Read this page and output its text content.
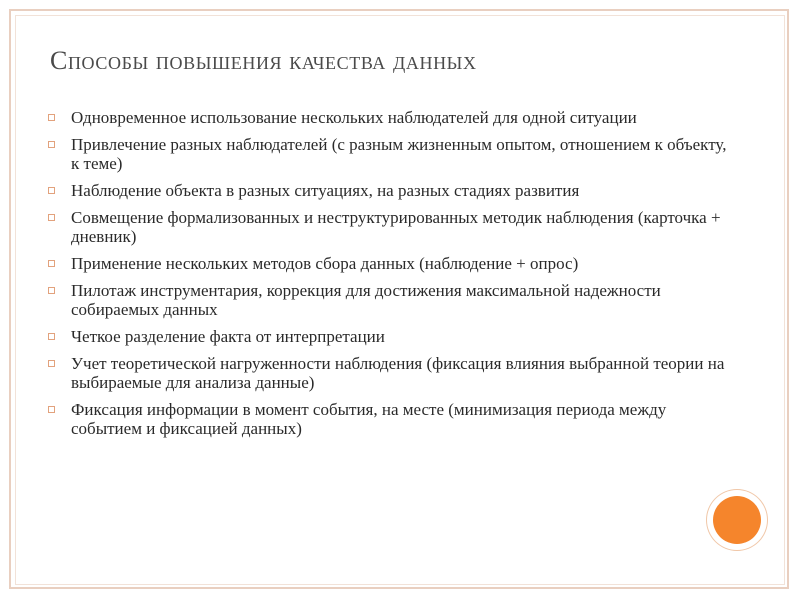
Способы повышения качества данных
Одновременное использование нескольких наблюдателей для одной ситуации
Привлечение разных наблюдателей (с разным жизненным опытом, отношением к объекту, к теме)
Наблюдение объекта в разных ситуациях, на разных стадиях развития
Совмещение формализованных и неструктурированных методик наблюдения (карточка + дневник)
Применение нескольких методов сбора данных (наблюдение + опрос)
Пилотаж инструментария, коррекция для достижения максимальной надежности собираемых данных
Четкое разделение факта от интерпретации
Учет теоретической нагруженности наблюдения (фиксация влияния выбранной теории на выбираемые для анализа данные)
Фиксация информации в момент события, на месте (минимизация периода между событием и фиксацией данных)
